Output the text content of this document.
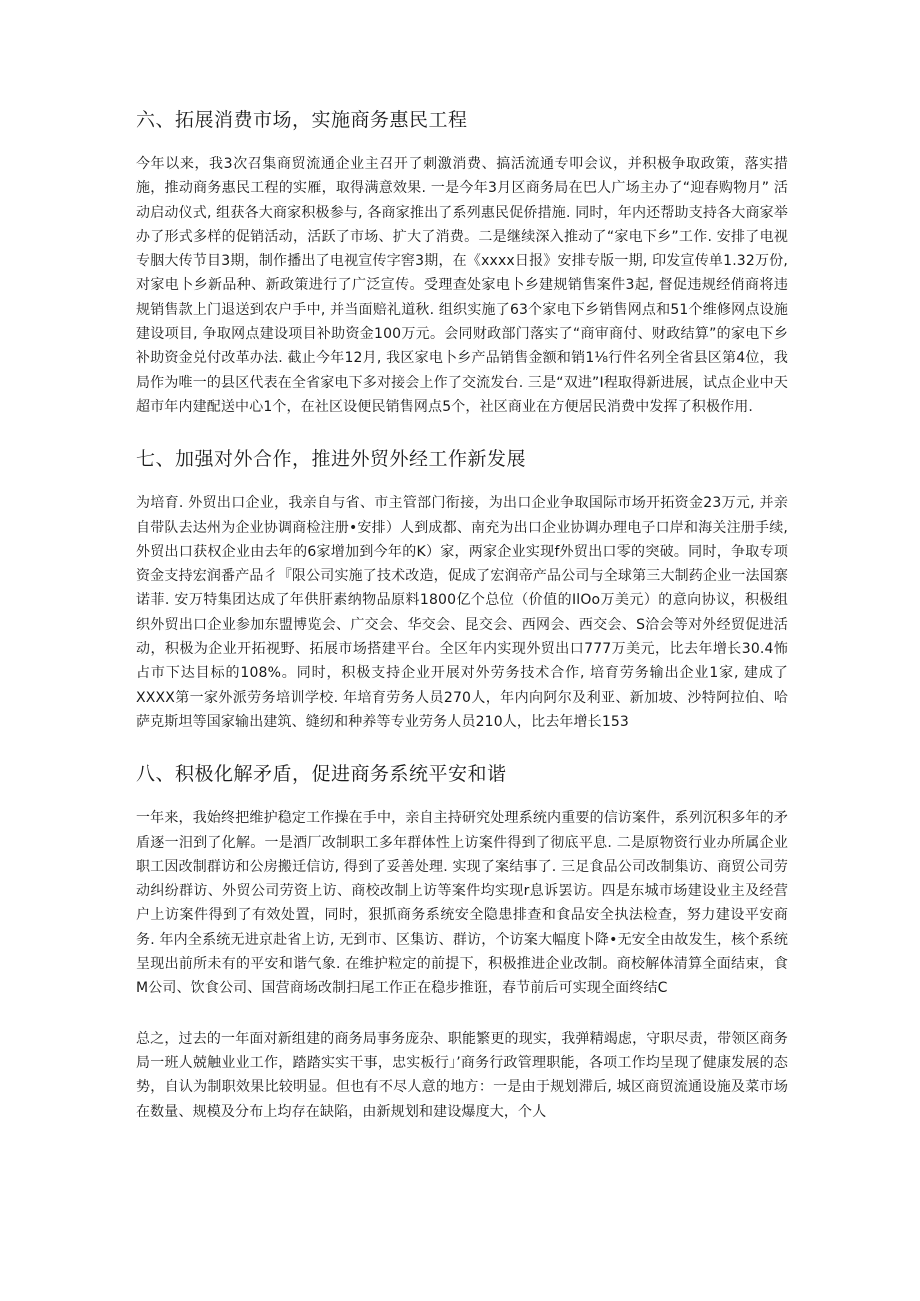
六、拓展消费市场，实施商务惠民工程

今年以来，我3次召集商贸流通企业主召开了刺激消费、搞活流通专叩会议，并积极争取政策，落实措施，推动商务惠民工程的实雁，取得满意效果. 一是今年3月区商务局在巴人广场主办了“迎春购物月” 活动启动仪式, 组获各大商家积极参与, 各商家推出了系列惠民促侨措施. 同时，年内还帮助支持各大商家举办了形式多样的促销活动，活跃了市场、扩大了消费。二是继续深入推动了“家电下乡”工作. 安排了电视专胭大传节目3期，制作播出了电视宣传字窖3期，在《xxxx日报》安排专版一期, 印发宣传单1.32万份, 对家电卜乡新品种、新政策进行了广泛宣传。受理查处家电卜乡建规销售案件3起, 督促违规经俏商将违规销售款上门退送到农户手中, 并当面赔礼道秋. 组织实施了63个家电下乡销售网点和51个维修网点设施建设项目, 争取网点建设项目补助资金100万元。会同财政部门落实了“商审商付、财政结算”的家电下乡补助资金兑付改革办法. 截止今年12月, 我区家电卜乡产品销售金额和销1⅛行件名列全省县区第4位，我局作为唯一的县区代表在全省家电下多对接会上作了交流发台. 三是“双进”I程取得新进展，试点企业中天超市年内建配送中心1个，在社区设便民销售网点5个，社区商业在方便居民消费中发挥了积极作用.

七、加强对外合作，推进外贸外经工作新发展

为培育. 外贸出口企业，我亲自与省、市主管部门衔接，为出口企业争取国际市场开拓资金23万元, 并亲自带队去达州为企业协调商检注册•安排）人到成都、南充为出口企业协调办理电子口岸和海关注册手续, 外贸出口获权企业由去年的6家增加到今年的K）家，两家企业实现f外贸出口零的突破。同时，争取专项资金支持宏润番产品彳『限公司实施了技术改造，促成了宏润帝产品公司与全球第三大制药企业一法国寨诺菲. 安万特集团达成了年供肝素纳物品原料1800亿个总位（价值的IlOo万美元）的意向协议，积极组织外贸出口企业参加东盟博览会、广交会、华交会、昆交会、西网会、西交会、S洽会等对外经贸促进活动，积极为企业开拓视野、拓展市场搭建平台。全区年内实现外贸出口777万美元，比去年增长30.4怖占市下达目标的108%。同时，积极支持企业开展对外劳务技术合作, 培育劳务输出企业1家, 建成了XXXX第一家外派劳务培训学校. 年培育劳务人员270人，年内向阿尔及利亚、新加坡、沙特阿拉伯、哈萨克斯坦等国家输出建筑、缝纫和种养等专业劳务人员210人，比去年增长153

八、积极化解矛盾，促进商务系统平安和谐

一年来，我始终把维护稳定工作操在手中，亲自主持研究处理系统内重要的信访案件，系列沉积多年的矛盾逐一汨到了化解。一是酒厂改制职工多年群体性上访案件得到了彻底平息. 二是原物资行业办所属企业职工因改制群访和公房搬迁信访, 得到了妥善处理. 实现了案结事了. 三足食品公司改制集访、商贸公司劳动纠纷群访、外贸公司劳资上访、商校改制上访等案件均实现r息诉罢访。四是东城市场建设业主及经营户上访案件得到了有效处置，同时，狠抓商务系统安全隐患排查和食品安全执法检查，努力建设平安商务. 年内全系统无进京赴省上访, 无到市、区集访、群访，个访案大幅度卜降•无安全由故发生，核个系统呈现出前所未有的平安和谐气象. 在维护粒定的前提下，积极推进企业改制。商校解体清算全面结束，食M公司、饮食公司、国营商场改制扫尾工作正在稳步推诳，春节前后可实现全面终结C

总之，过去的一年面对新组建的商务局事务庞杂、职能繁更的现实，我弹精竭虑，守职尽责，带领区商务局一班人兢触业业工作，踏踏实实干事，忠实板行」’商务行政管理职能，各项工作均呈现了健康发展的态势，自认为制职效果比较明显。但也有不尽人意的地方：一是由于规划滞后, 城区商贸流通设施及菜市场在数量、规模及分布上均存在缺陷，由新规划和建设爆度大，个人
